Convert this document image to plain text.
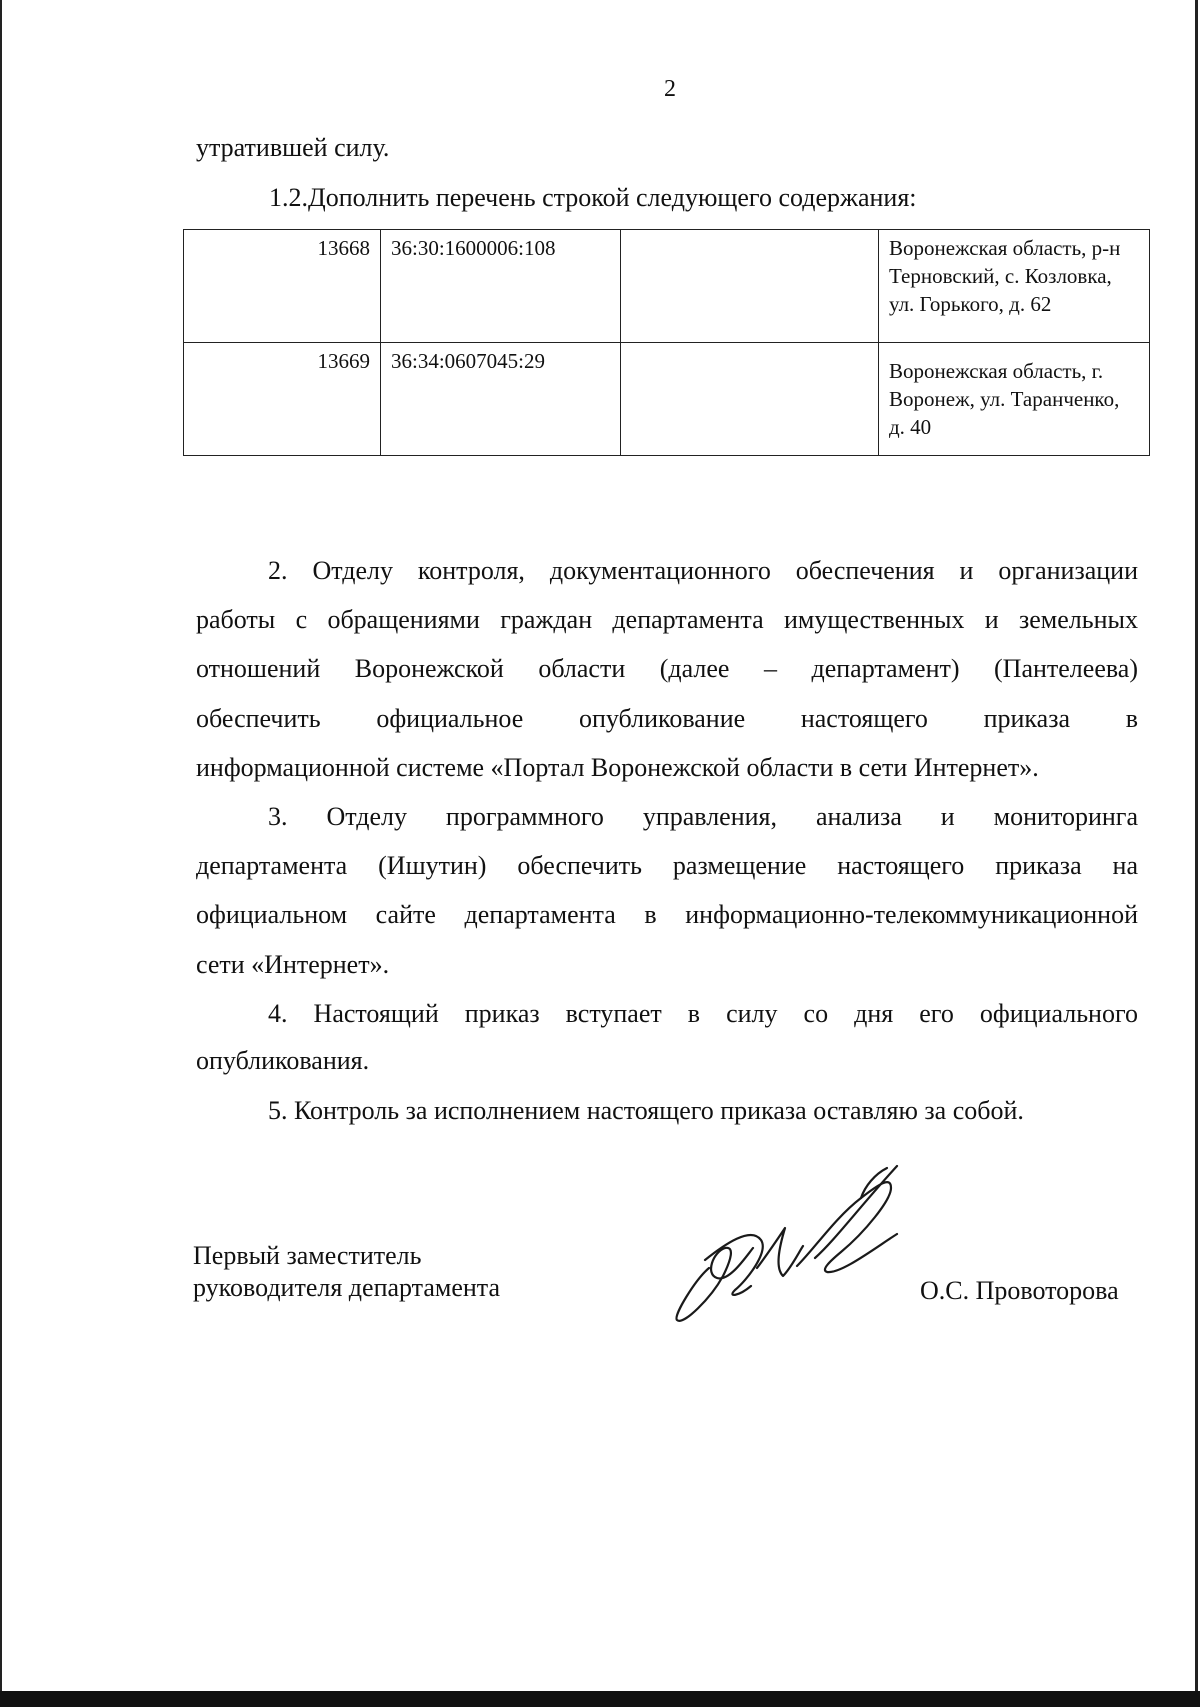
2
утратившей силу.
1.2.Дополнить перечень строкой следующего содержания:
13668	36:30:1600006:108		Воронежская область, р-н Терновский, с. Козловка, ул. Горького, д. 62
13669	36:34:0607045:29		Воронежская область, г. Воронеж, ул. Таранченко, д. 40
2. Отделу контроля, документационного обеспечения и организации
работы с обращениями граждан департамента имущественных и земельных
отношений Воронежской области (далее – департамент) (Пантелеева)
обеспечить официальное опубликование настоящего приказа в
информационной системе «Портал Воронежской области в сети Интернет».
3. Отделу программного управления, анализа и мониторинга
департамента (Ишутин) обеспечить размещение настоящего приказа на
официальном сайте департамента в информационно-телекоммуникационной
сети «Интернет».
4. Настоящий приказ вступает в силу со дня его официального
опубликования.
5. Контроль за исполнением настоящего приказа оставляю за собой.
Первый заместитель
руководителя департамента	О.С. Провоторова
